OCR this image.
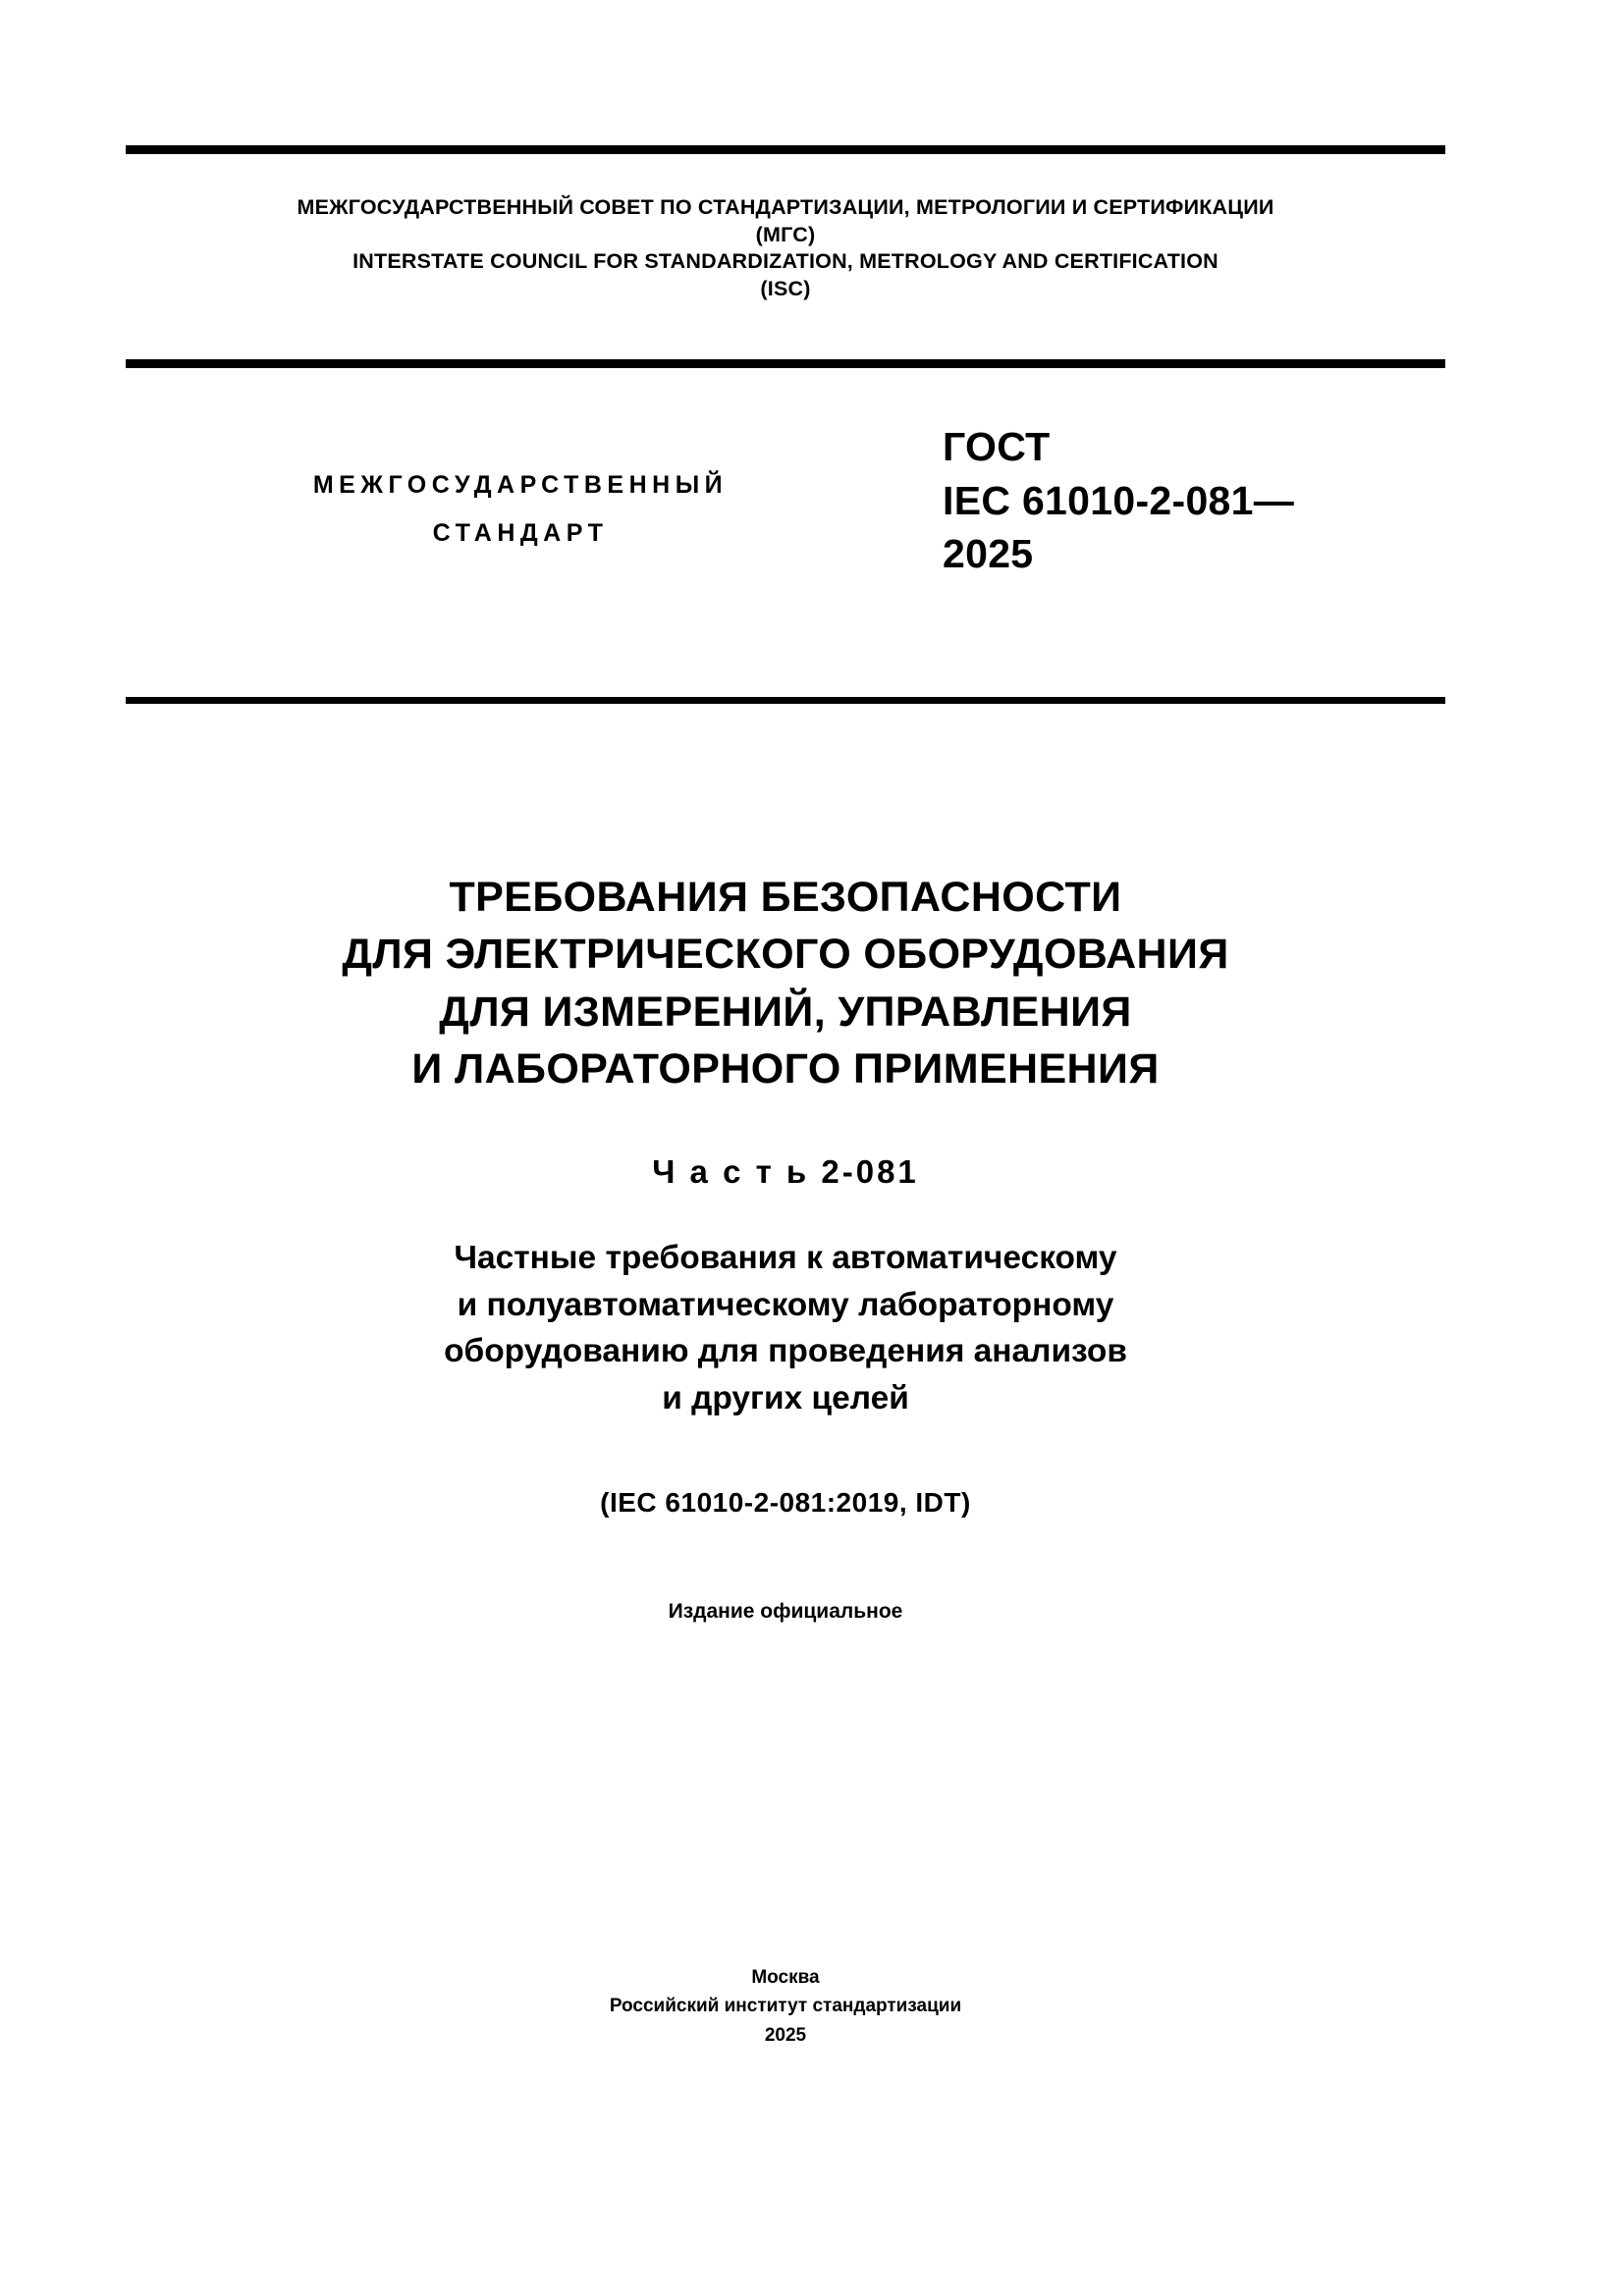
МЕЖГОСУДАРСТВЕННЫЙ СОВЕТ ПО СТАНДАРТИЗАЦИИ, МЕТРОЛОГИИ И СЕРТИФИКАЦИИ
(МГС)
INTERSTATE COUNCIL FOR STANDARDIZATION, METROLOGY AND CERTIFICATION
(ISC)
МЕЖГОСУДАРСТВЕННЫЙ
СТАНДАРТ
ГОСТ
IEC 61010-2-081—
2025
ТРЕБОВАНИЯ БЕЗОПАСНОСТИ
ДЛЯ ЭЛЕКТРИЧЕСКОГО ОБОРУДОВАНИЯ
ДЛЯ ИЗМЕРЕНИЙ, УПРАВЛЕНИЯ
И ЛАБОРАТОРНОГО ПРИМЕНЕНИЯ
Ч а с т ь 2-081
Частные требования к автоматическому
и полуавтоматическому лабораторному
оборудованию для проведения анализов
и других целей
(IEC 61010-2-081:2019, IDT)
Издание официальное
Москва
Российский институт стандартизации
2025
